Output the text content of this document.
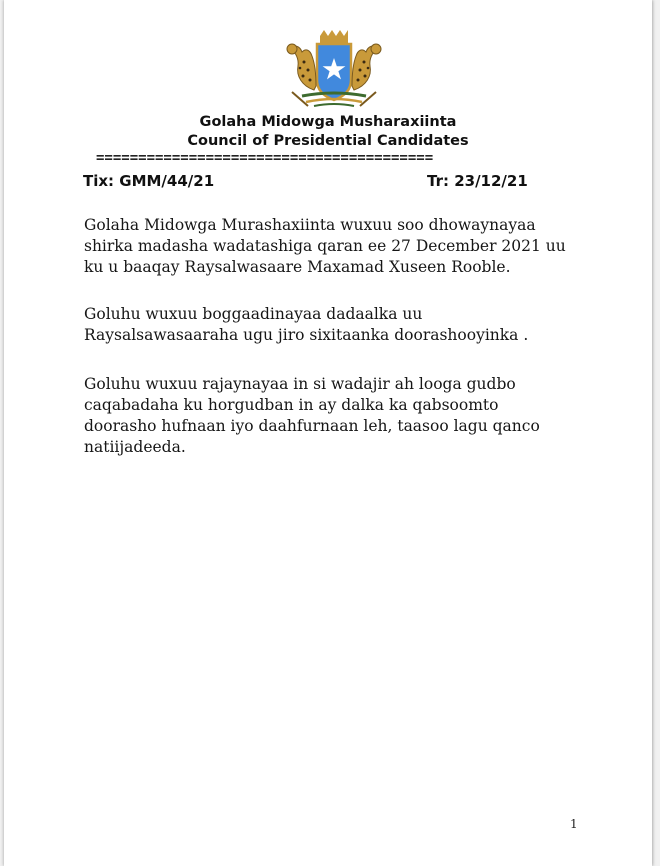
Golaha Midowga Musharaxiinta
Council of Presidential Candidates
========================================
Tix: GMM/44/21	Tr: 23/12/21
Golaha Midowga Murashaxiinta wuxuu soo dhowaynayaa
shirka madasha wadatashiga qaran ee 27 December 2021 uu
ku u baaqay Raysalwasaare Maxamad Xuseen Rooble.
Goluhu wuxuu boggaadinayaa dadaalka uu
Raysalsawasaaraha ugu jiro sixitaanka doorashooyinka .
Goluhu wuxuu rajaynayaa in si wadajir ah looga gudbo
caqabadaha ku horgudban in ay dalka ka qabsoomto
doorasho hufnaan iyo daahfurnaan leh, taasoo lagu qanco
natiijadeeda.
1
